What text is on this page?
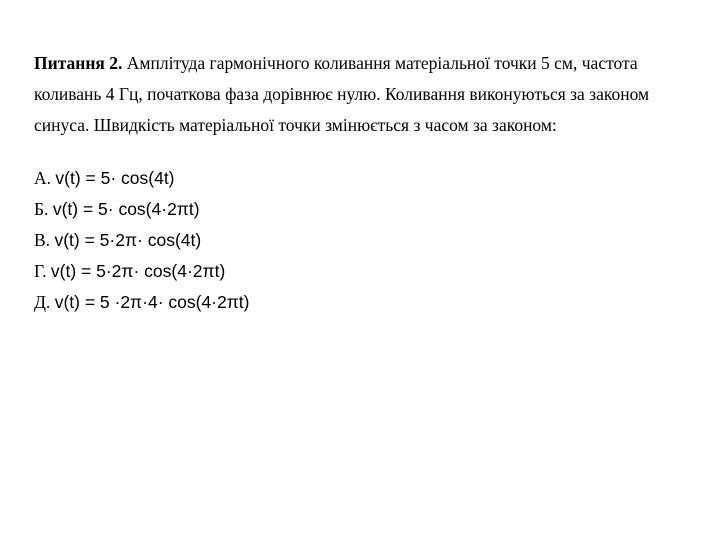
Питання 2. Амплітуда гармонічного коливання матеріальної точки 5 см, частота коливань 4 Гц, початкова фаза дорівнює нулю. Коливання виконуються за законом синуса. Швидкість матеріальної точки змінюється з часом за законом:

А. v(t) = 5· cos(4t)
Б. v(t) = 5· cos(4·2πt)
В. v(t) = 5·2π· cos(4t)
Г. v(t) = 5·2π· cos(4·2πt)
Д. v(t) = 5 ·2π·4· cos(4·2πt)
